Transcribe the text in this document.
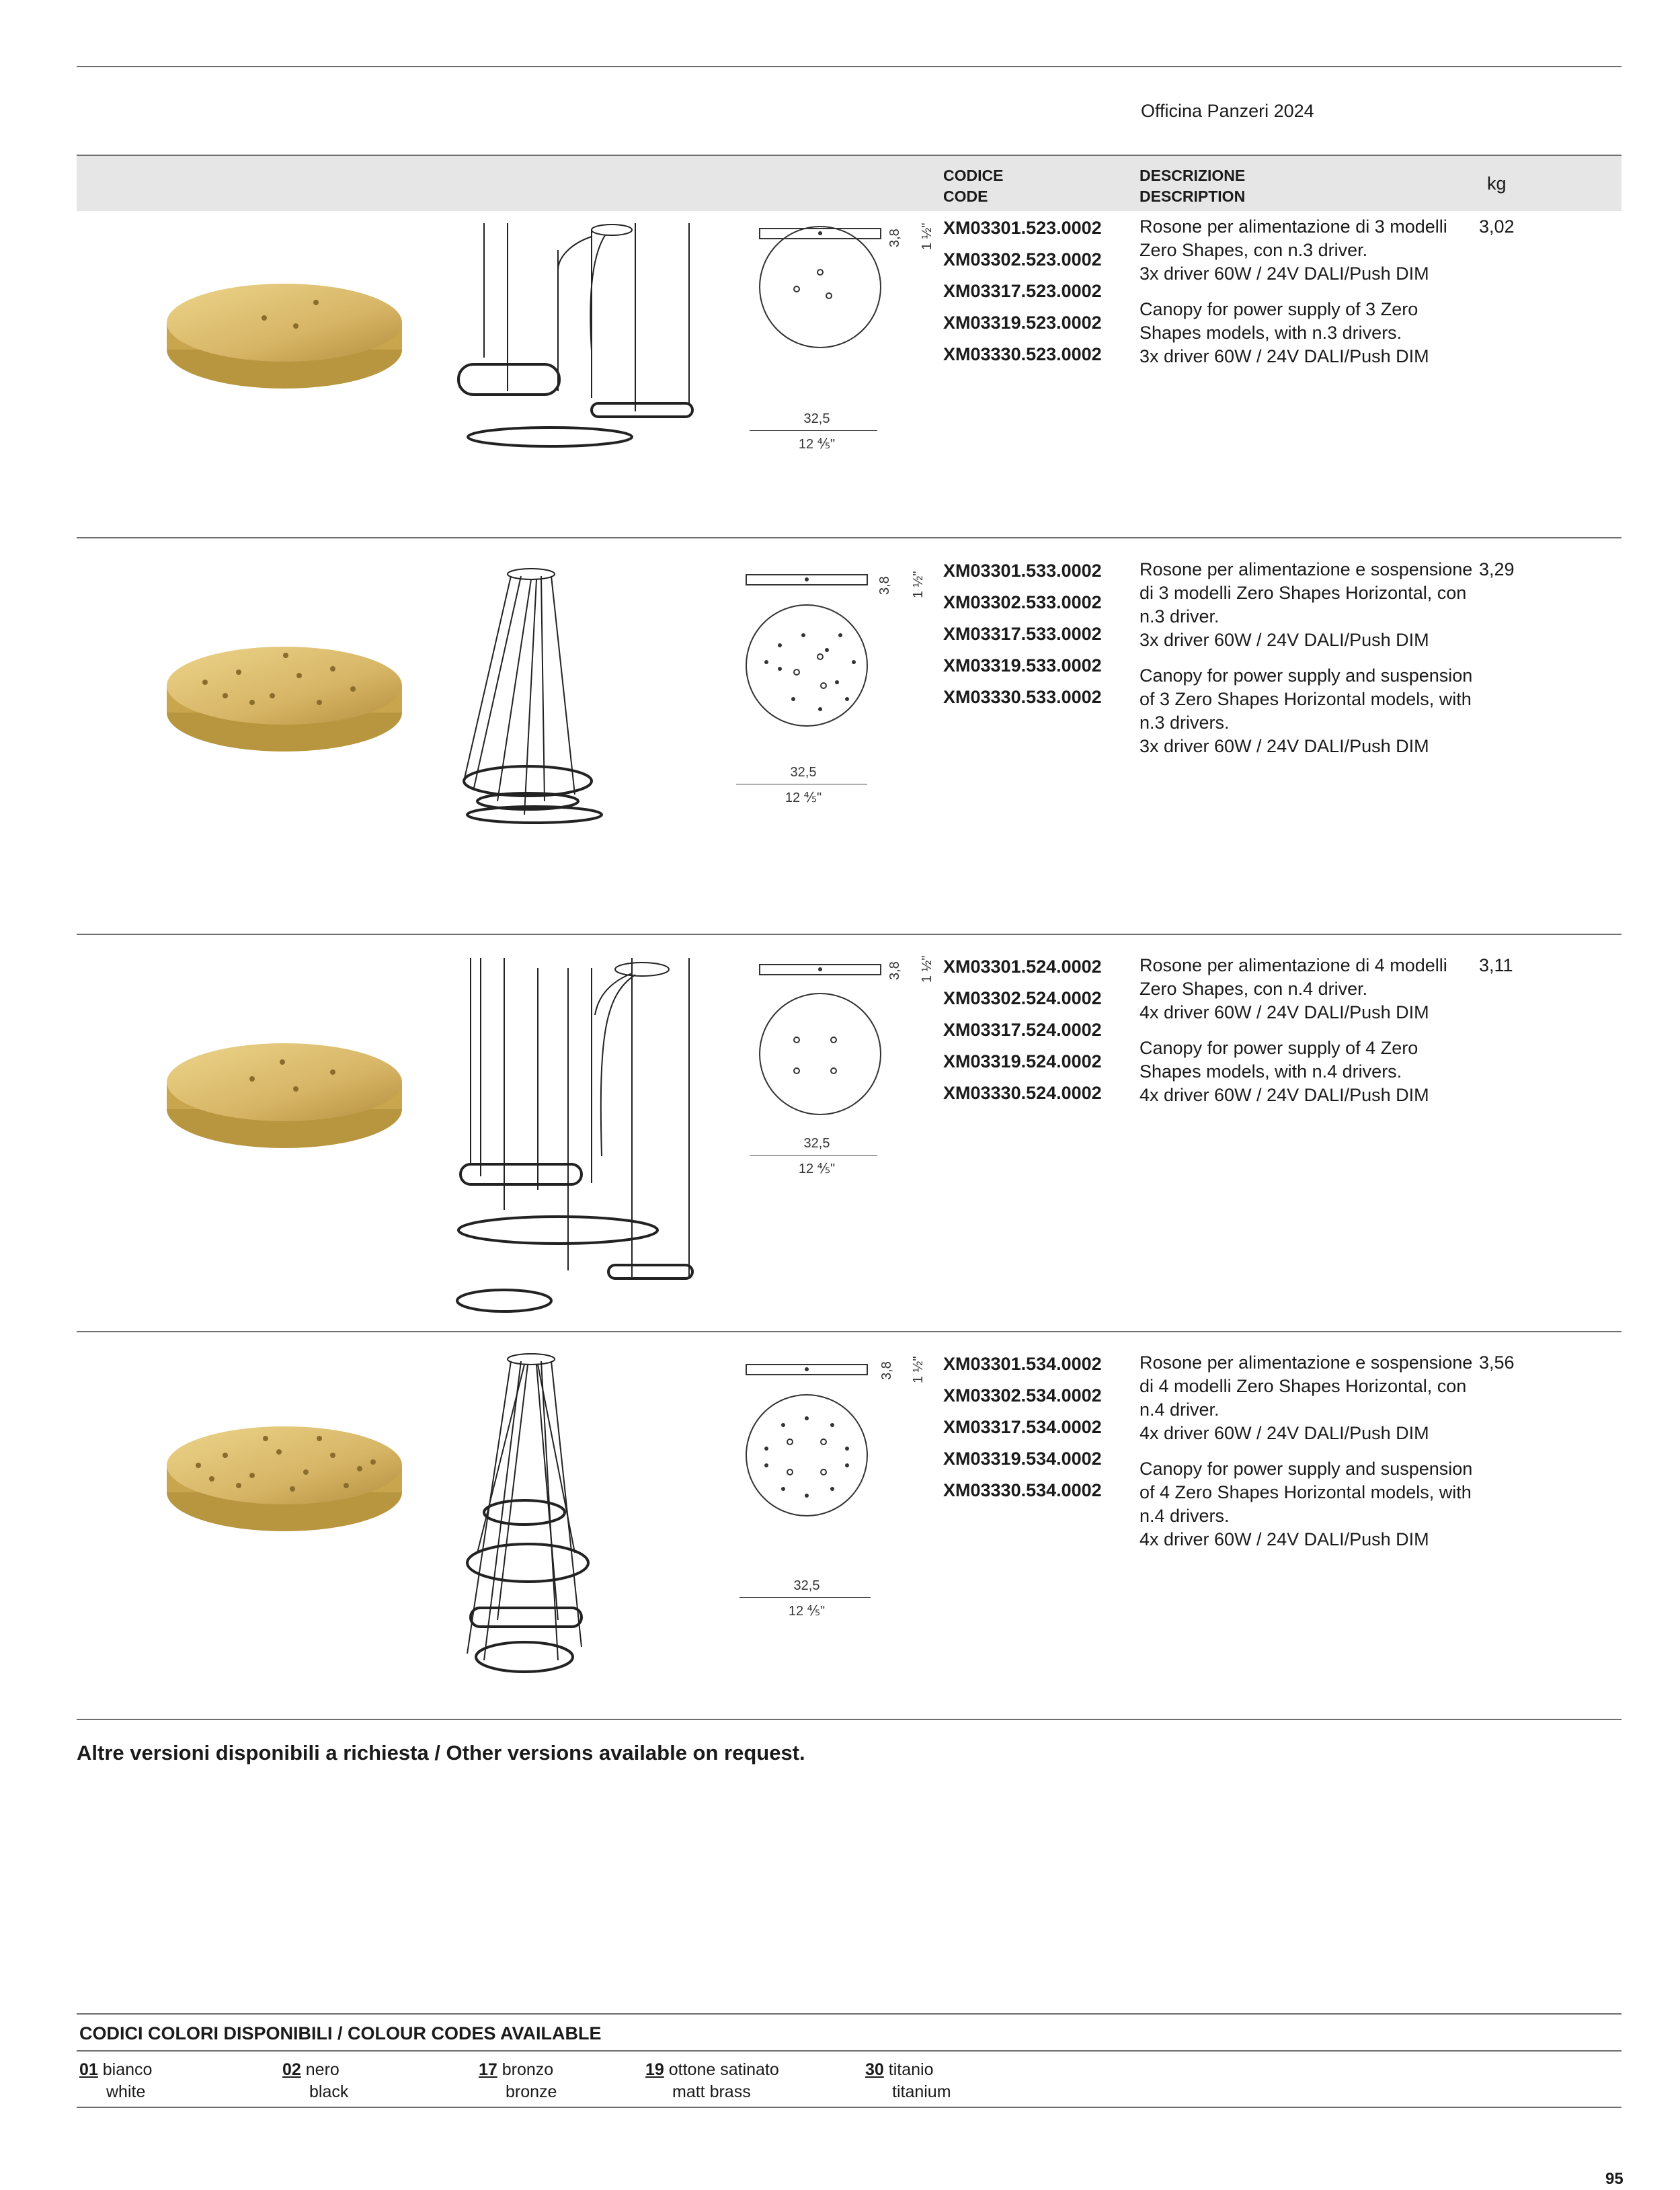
Officina Panzeri 2024
CODICE
CODE
DESCRIZIONE
DESCRIPTION
kg
3,8 1 ½"
32,5
12 ⅘"
XM03301.523.0002
XM03302.523.0002
XM03317.523.0002
XM03319.523.0002
XM03330.523.0002

Rosone per alimentazione di 3 modelli Zero Shapes, con n.3 driver.
3x driver 60W / 24V DALI/Push DIM

Canopy for power supply of 3 Zero Shapes models, with n.3 drivers.
3x driver 60W / 24V DALI/Push DIM

3,02
3,8 1 ½"
32,5
12 ⅘"
XM03301.533.0002
XM03302.533.0002
XM03317.533.0002
XM03319.533.0002
XM03330.533.0002

Rosone per alimentazione e sospensione di 3 modelli Zero Shapes Horizontal, con n.3 driver.
3x driver 60W / 24V DALI/Push DIM

Canopy for power supply and suspension of 3 Zero Shapes Horizontal models, with n.3 drivers.
3x driver 60W / 24V DALI/Push DIM

3,29
3,8 1 ½"
32,5
12 ⅘"
XM03301.524.0002
XM03302.524.0002
XM03317.524.0002
XM03319.524.0002
XM03330.524.0002

Rosone per alimentazione di 4 modelli Zero Shapes, con n.4 driver.
4x driver 60W / 24V DALI/Push DIM

Canopy for power supply of 4 Zero Shapes models, with n.4 drivers.
4x driver 60W / 24V DALI/Push DIM

3,11
3,8 1 ½"
32,5
12 ⅘"
XM03301.534.0002
XM03302.534.0002
XM03317.534.0002
XM03319.534.0002
XM03330.534.0002

Rosone per alimentazione e sospensione di 4 modelli Zero Shapes Horizontal, con n.4 driver.
4x driver 60W / 24V DALI/Push DIM

Canopy for power supply and suspension of 4 Zero Shapes Horizontal models, with n.4 drivers.
4x driver 60W / 24V DALI/Push DIM

3,56
Altre versioni disponibili a richiesta / Other versions available on request.
CODICI COLORI DISPONIBILI / COLOUR CODES AVAILABLE
01 bianco
white
02 nero
black
17 bronzo
bronze
19 ottone satinato
matt brass
30 titanio
titanium
95
